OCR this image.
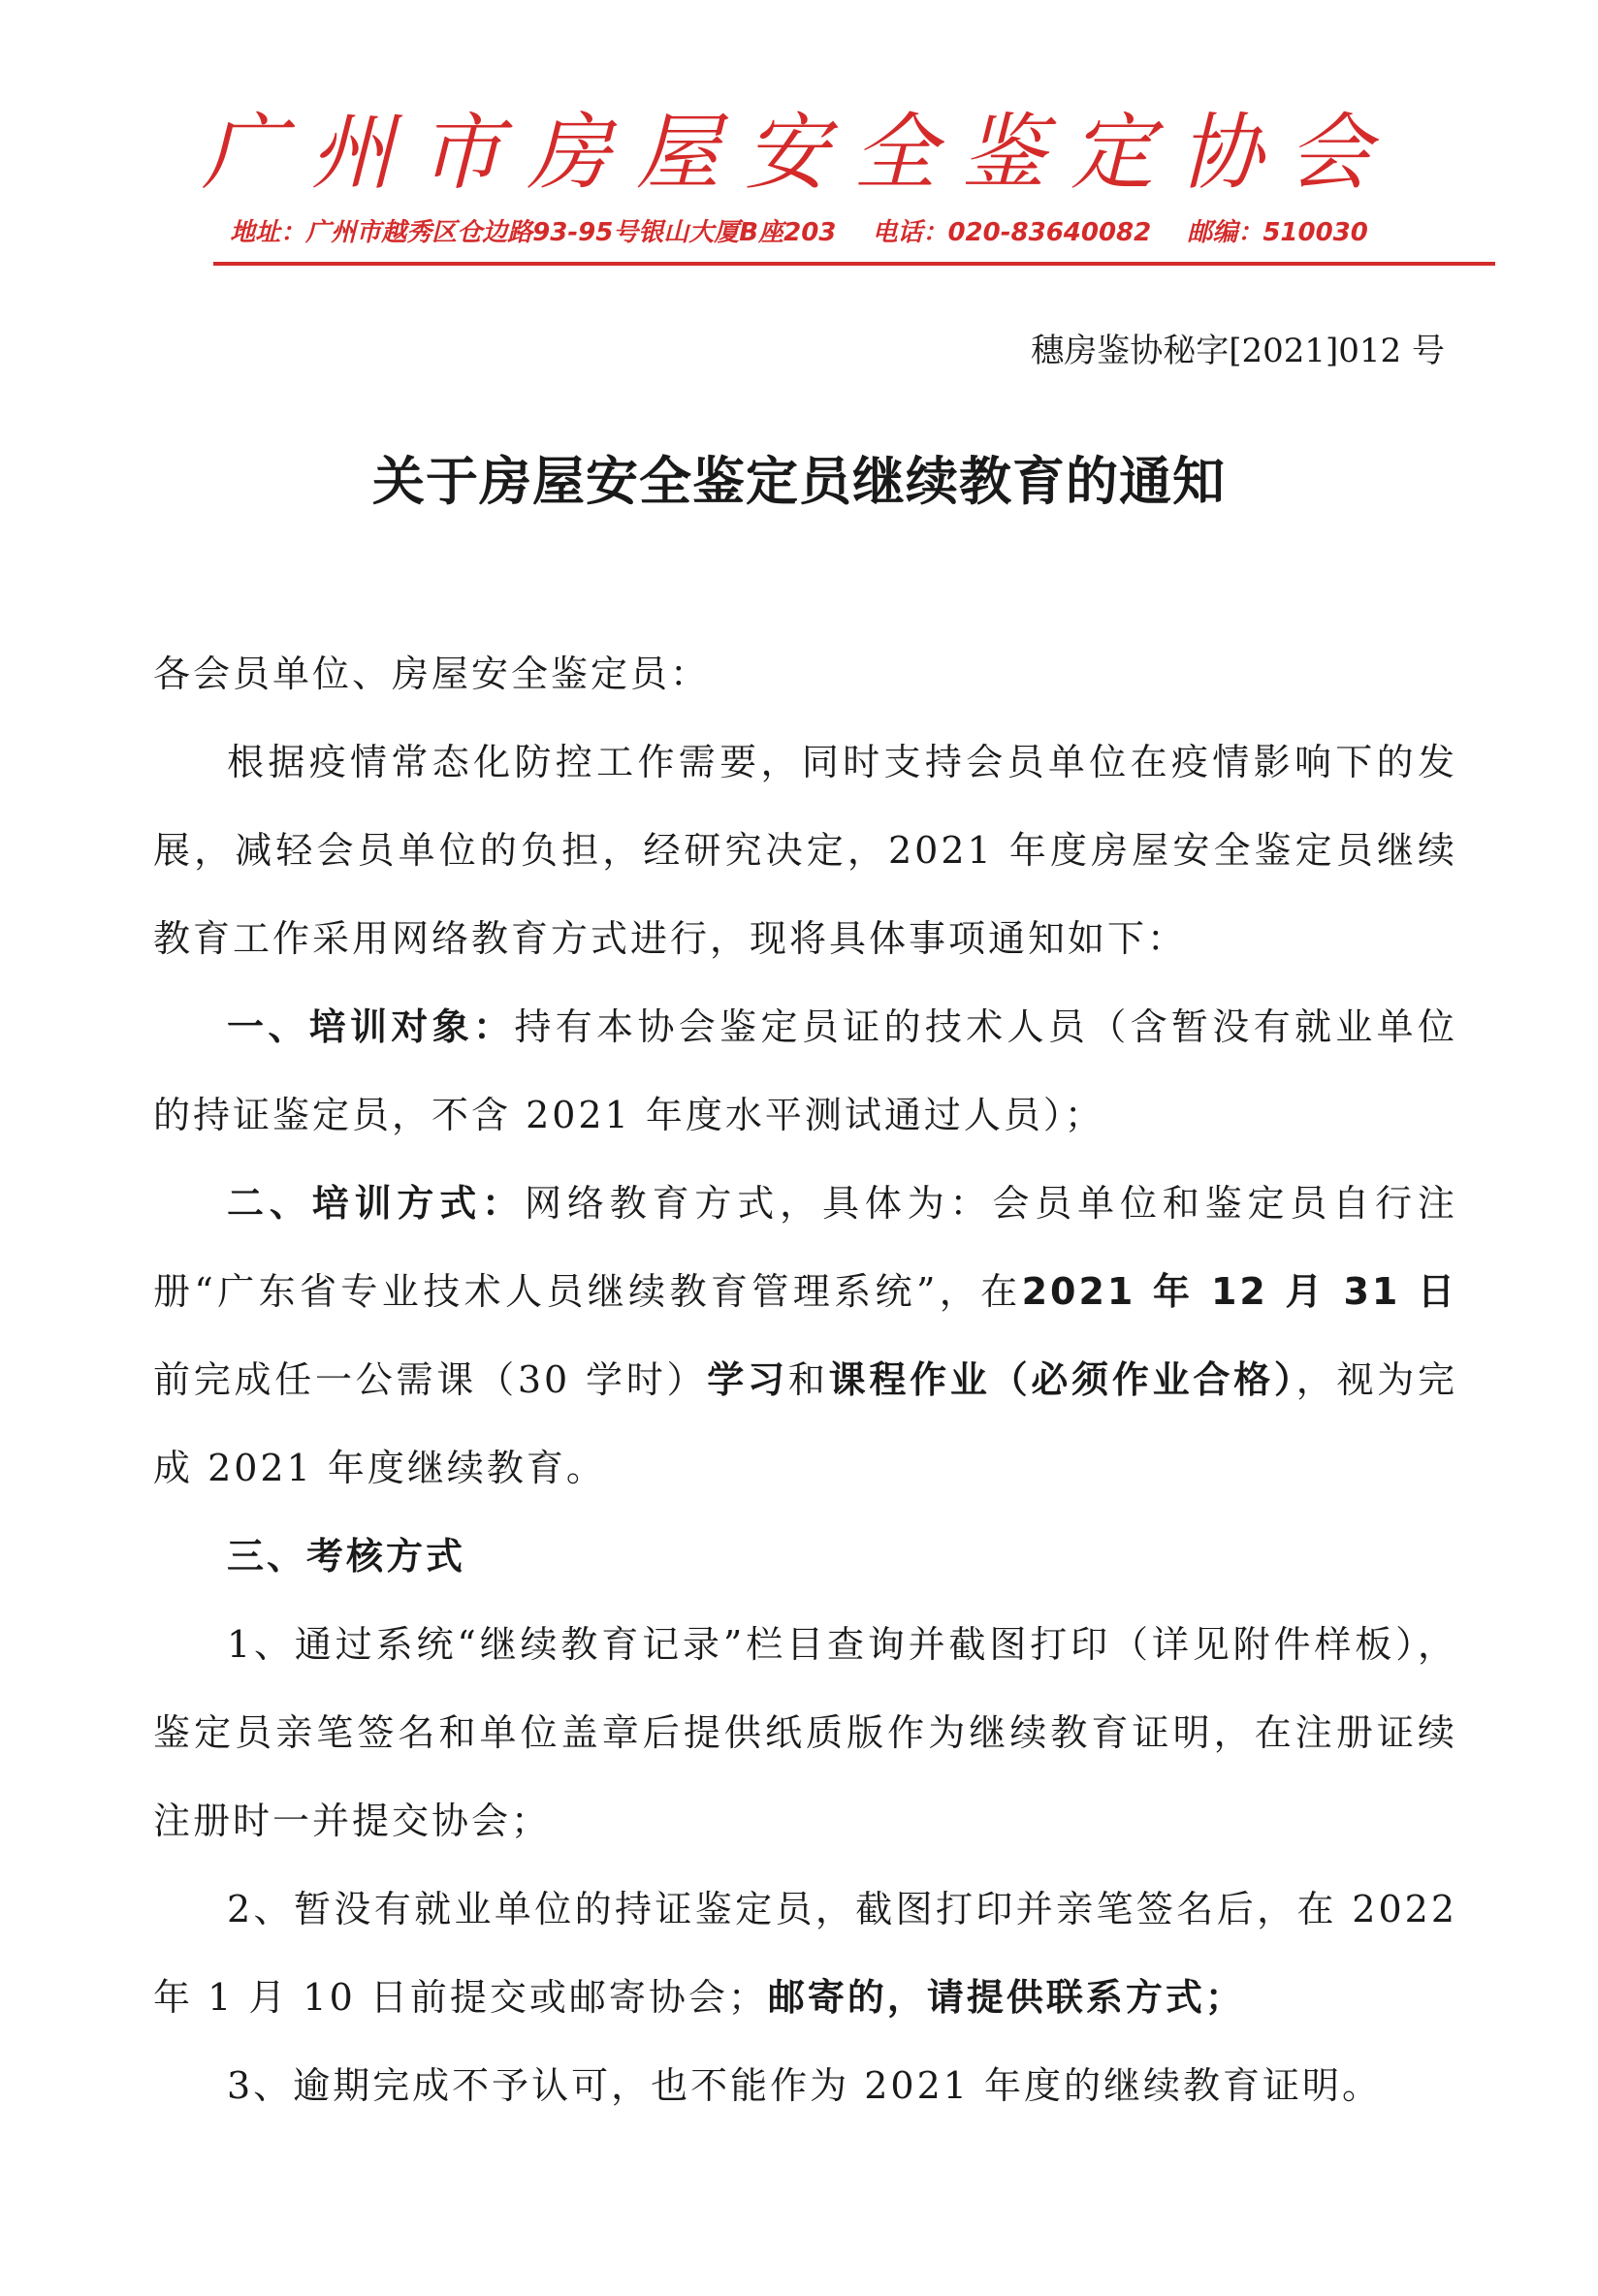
广州市房屋安全鉴定协会
地址：广州市越秀区仓边路93-95号银山大厦B座203 电话：020-83640082 邮编：510030
穗房鉴协秘字[2021]012 号
关于房屋安全鉴定员继续教育的通知

各会员单位、房屋安全鉴定员：

根据疫情常态化防控工作需要，同时支持会员单位在疫情影响下的发展，减轻会员单位的负担，经研究决定，2021 年度房屋安全鉴定员继续教育工作采用网络教育方式进行，现将具体事项通知如下：

一、培训对象：持有本协会鉴定员证的技术人员（含暂没有就业单位的持证鉴定员，不含 2021 年度水平测试通过人员）；

二、培训方式：网络教育方式，具体为：会员单位和鉴定员自行注册“广东省专业技术人员继续教育管理系统”，在2021 年 12 月 31 日前完成任一公需课（30 学时）学习和课程作业（必须作业合格），视为完成 2021 年度继续教育。

三、考核方式

1、通过系统“继续教育记录”栏目查询并截图打印（详见附件样板），鉴定员亲笔签名和单位盖章后提供纸质版作为继续教育证明，在注册证续注册时一并提交协会；

2、暂没有就业单位的持证鉴定员，截图打印并亲笔签名后，在 2022 年 1 月 10 日前提交或邮寄协会；邮寄的，请提供联系方式；

3、逾期完成不予认可，也不能作为 2021 年度的继续教育证明。
